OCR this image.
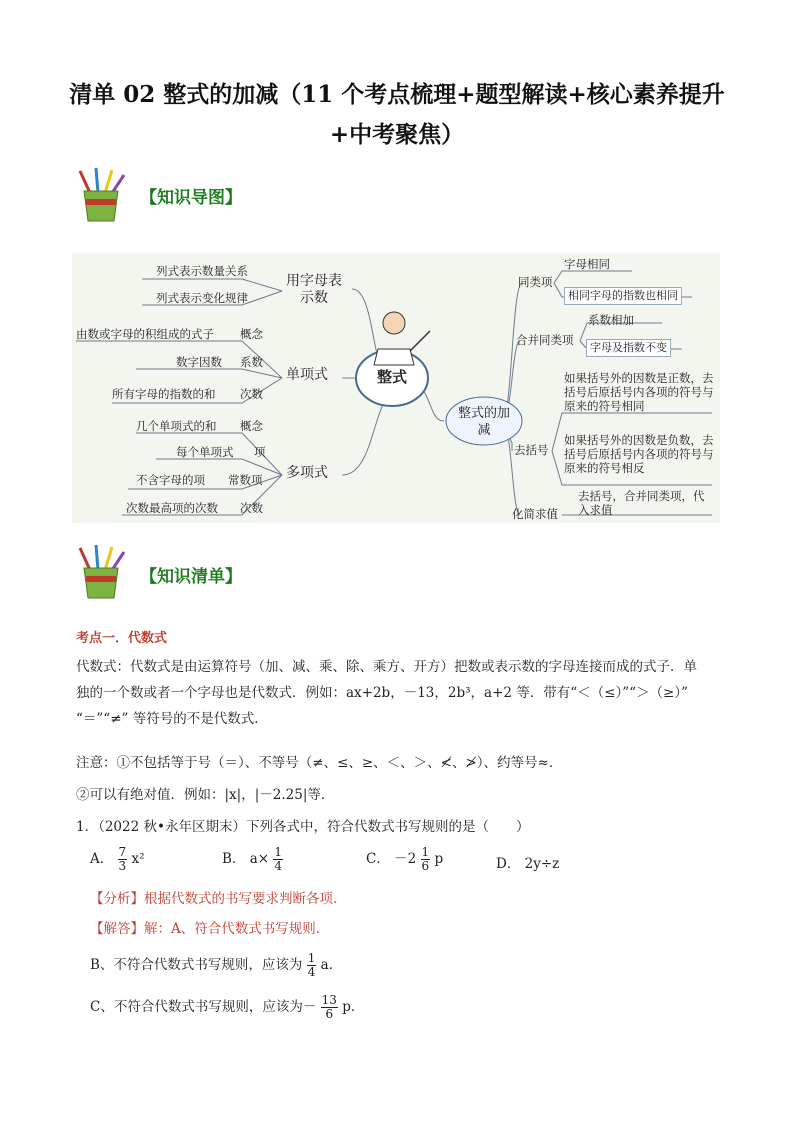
清单 02 整式的加减（11 个考点梳理+题型解读+核心素养提升
+中考聚焦）
【知识导图】
用字母表示数
列式表示数量关系
列式表示变化规律
单项式
由数或字母的积组成的式子 概念
数字因数 系数
所有字母的指数的和 次数
多项式
几个单项式的和 概念
每个单项式 项
不含字母的项 常数项
次数最高项的次数 次数
整式
整式的加减
同类项
字母相同
相同字母的指数也相同
合并同类项
系数相加
字母及指数不变
去括号
如果括号外的因数是正数，去括号后原括号内各项的符号与原来的符号相同
如果括号外的因数是负数，去括号后原括号内各项的符号与原来的符号相反
化简求值
去括号，合并同类项，代入求值
【知识清单】
考点一．代数式
代数式：代数式是由运算符号（加、减、乘、除、乘方、开方）把数或表示数的字母连接而成的式子．单
独的一个数或者一个字母也是代数式．例如：ax+2b，－13，2b³，a+2 等．带有“＜（≤）”“＞（≥）”
“＝”“≠” 等符号的不是代数式．
注意：①不包括等于号（＝）、不等号（≠、≤、≥、＜、＞、≮、≯）、约等号≈．
②可以有绝对值．例如：|x|，|－2.25|等．
1．（2022 秋•永年区期末）下列各式中，符合代数式书写规则的是（　　）
A． $\frac{7}{3} x^2$	B． $a\times \frac{1}{4}$	C． $-2 \frac{1}{6}$ p	D． 2y÷z
【分析】根据代数式的书写要求判断各项．
【解答】解：A、符合代数式书写规则．
B、不符合代数式书写规则，应该为 $\frac{1}{4}$ a．
C、不符合代数式书写规则，应该为－ $\frac{13}{6}$ p．
